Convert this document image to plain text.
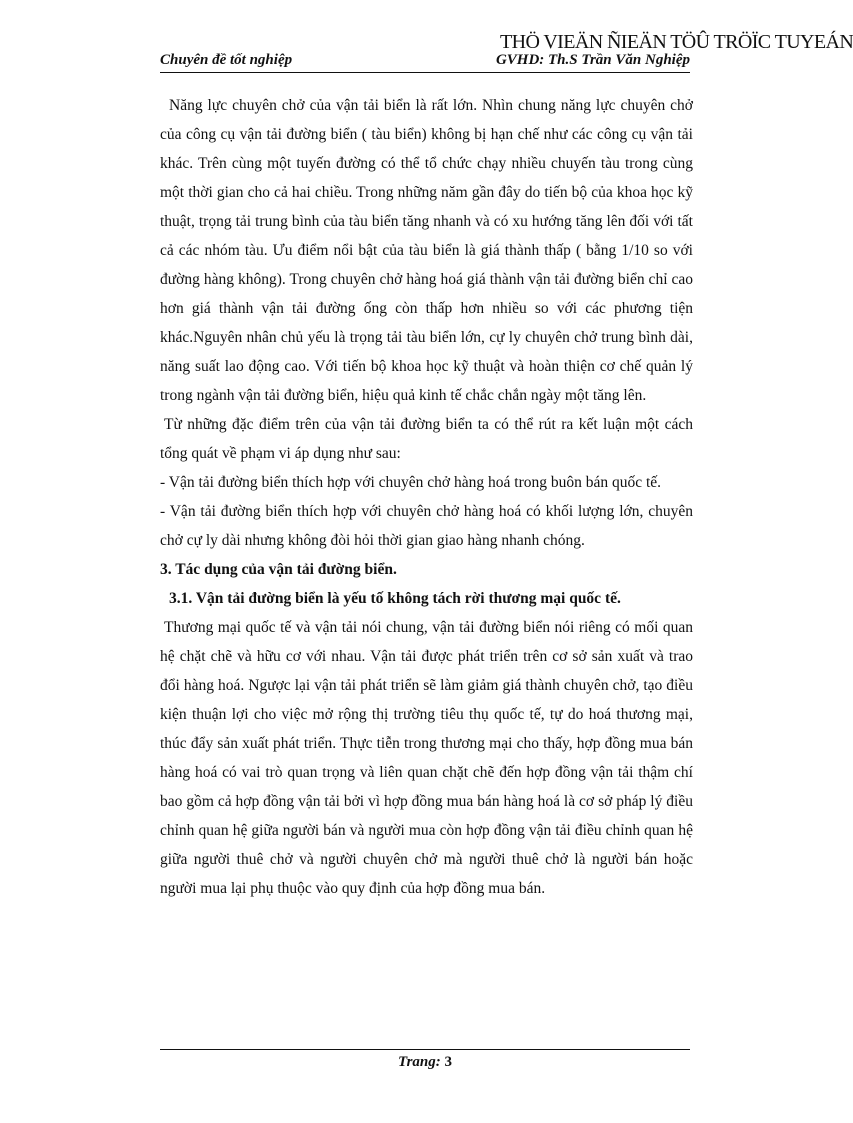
THÖ VIEÄN ÑIEÄN TÖÛ TRÖÏC TUYEÁN
Chuyên đề tốt nghiệp	GVHD: Th.S Trần Văn Nghiệp

Năng lực chuyên chở của vận tải biển là rất lớn. Nhìn chung năng lực chuyên chở của công cụ vận tải đường biển ( tàu biển) không bị hạn chế như các công cụ vận tải khác. Trên cùng một tuyến đường có thể tổ chức chạy nhiều chuyến tàu trong cùng một thời gian cho cả hai chiều. Trong những năm gần đây do tiến bộ của khoa học kỹ thuật, trọng tải trung bình của tàu biển tăng nhanh và có xu hướng tăng lên đối với tất cả các nhóm tàu. Ưu điểm nổi bật của tàu biển là giá thành thấp ( bằng 1/10 so với đường hàng không). Trong chuyên chở hàng hoá giá thành vận tải đường biển chỉ cao hơn giá thành vận tải đường ống còn thấp hơn nhiều so với các phương tiện khác.Nguyên nhân chủ yếu là trọng tải tàu biển lớn, cự ly chuyên chở trung bình dài, năng suất lao động cao. Với tiến bộ khoa học kỹ thuật và hoàn thiện cơ chế quản lý trong ngành vận tải đường biển, hiệu quả kinh tế chắc chắn ngày một tăng lên.

Từ những đặc điểm trên của vận tải đường biển ta có thể rút ra kết luận một cách tổng quát về phạm vi áp dụng như sau:

- Vận tải đường biển thích hợp với chuyên chở hàng hoá trong buôn bán quốc tế.

- Vận tải đường biển thích hợp với chuyên chở hàng hoá có khối lượng lớn, chuyên chở cự ly dài nhưng không đòi hỏi thời gian giao hàng nhanh chóng.

3. Tác dụng của vận tải đường biển.

3.1. Vận tải đường biển là yếu tố không tách rời thương mại quốc tế.

Thương mại quốc tế và vận tải nói chung, vận tải đường biển nói riêng có mối quan hệ chặt chẽ và hữu cơ với nhau. Vận tải được phát triển trên cơ sở sản xuất và trao đổi hàng hoá. Ngược lại vận tải phát triển sẽ làm giảm giá thành chuyên chở, tạo điều kiện thuận lợi cho việc mở rộng thị trường tiêu thụ quốc tế, tự do hoá thương mại, thúc đẩy sản xuất phát triển. Thực tiễn trong thương mại cho thấy, hợp đồng mua bán hàng hoá có vai trò quan trọng và liên quan chặt chẽ đến hợp đồng vận tải thậm chí bao gồm cả hợp đồng vận tải bởi vì hợp đồng mua bán hàng hoá là cơ sở pháp lý điều chỉnh quan hệ giữa người bán và người mua còn hợp đồng vận tải điều chỉnh quan hệ giữa người thuê chở và người chuyên chở mà người thuê chở là người bán hoặc người mua lại phụ thuộc vào quy định của hợp đồng mua bán.

Trang: 3
